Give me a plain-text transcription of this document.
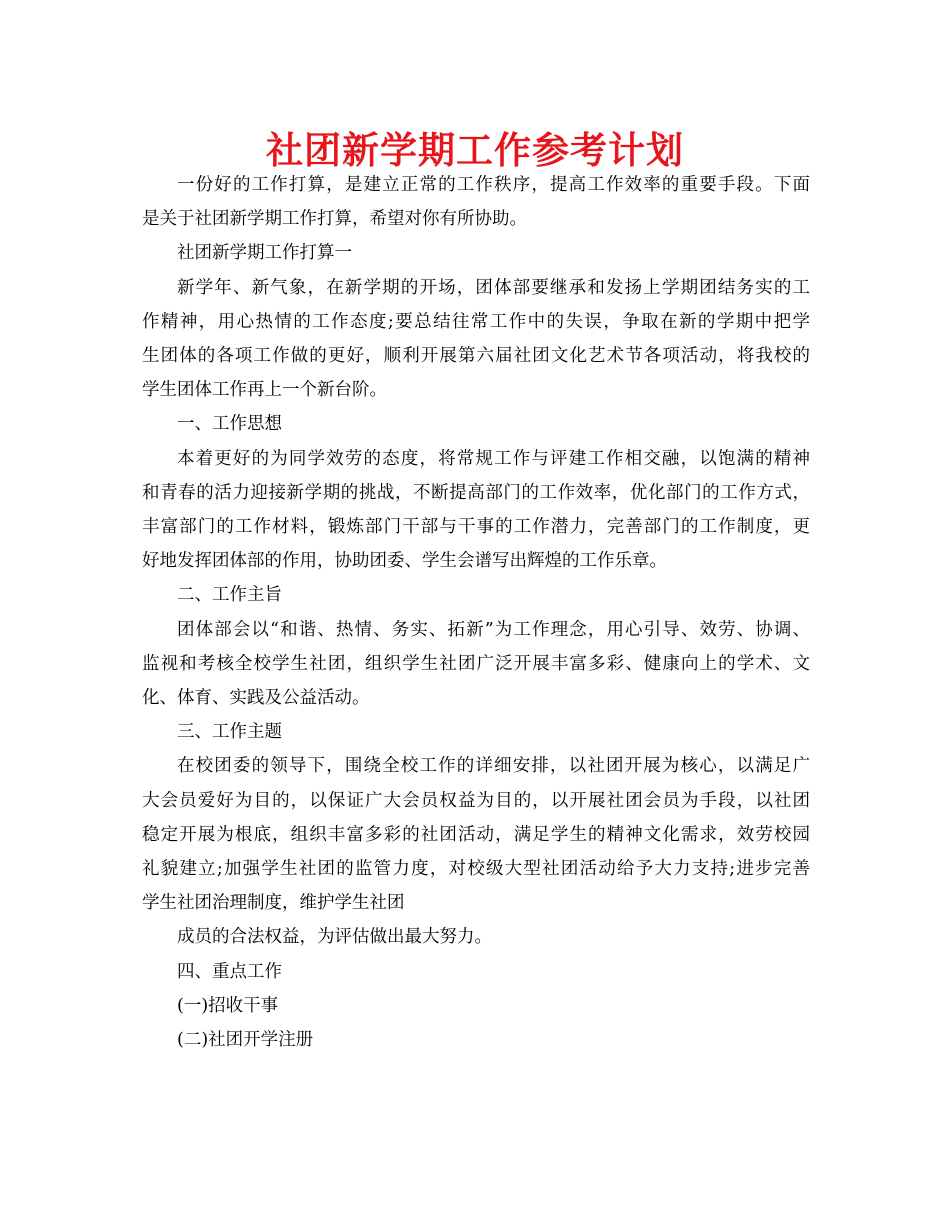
社团新学期工作参考计划

一份好的工作打算，是建立正常的工作秩序，提高工作效率的重要手段。下面

是关于社团新学期工作打算，希望对你有所协助。

社团新学期工作打算一

新学年、新气象，在新学期的开场，团体部要继承和发扬上学期团结务实的工

作精神，用心热情的工作态度;要总结往常工作中的失误，争取在新的学期中把学

生团体的各项工作做的更好，顺利开展第六届社团文化艺术节各项活动，将我校的

学生团体工作再上一个新台阶。

一、工作思想

本着更好的为同学效劳的态度，将常规工作与评建工作相交融，以饱满的精神

和青春的活力迎接新学期的挑战，不断提高部门的工作效率，优化部门的工作方式，

丰富部门的工作材料，锻炼部门干部与干事的工作潜力，完善部门的工作制度，更

好地发挥团体部的作用，协助团委、学生会谱写出辉煌的工作乐章。

二、工作主旨

团体部会以“和谐、热情、务实、拓新”为工作理念，用心引导、效劳、协调、

监视和考核全校学生社团，组织学生社团广泛开展丰富多彩、健康向上的学术、文

化、体育、实践及公益活动。

三、工作主题

在校团委的领导下，围绕全校工作的详细安排，以社团开展为核心，以满足广

大会员爱好为目的，以保证广大会员权益为目的，以开展社团会员为手段，以社团

稳定开展为根底，组织丰富多彩的社团活动，满足学生的精神文化需求，效劳校园

礼貌建立;加强学生社团的监管力度，对校级大型社团活动给予大力支持;进步完善

学生社团治理制度，维护学生社团

成员的合法权益，为评估做出最大努力。

四、重点工作

(一)招收干事

(二)社团开学注册
